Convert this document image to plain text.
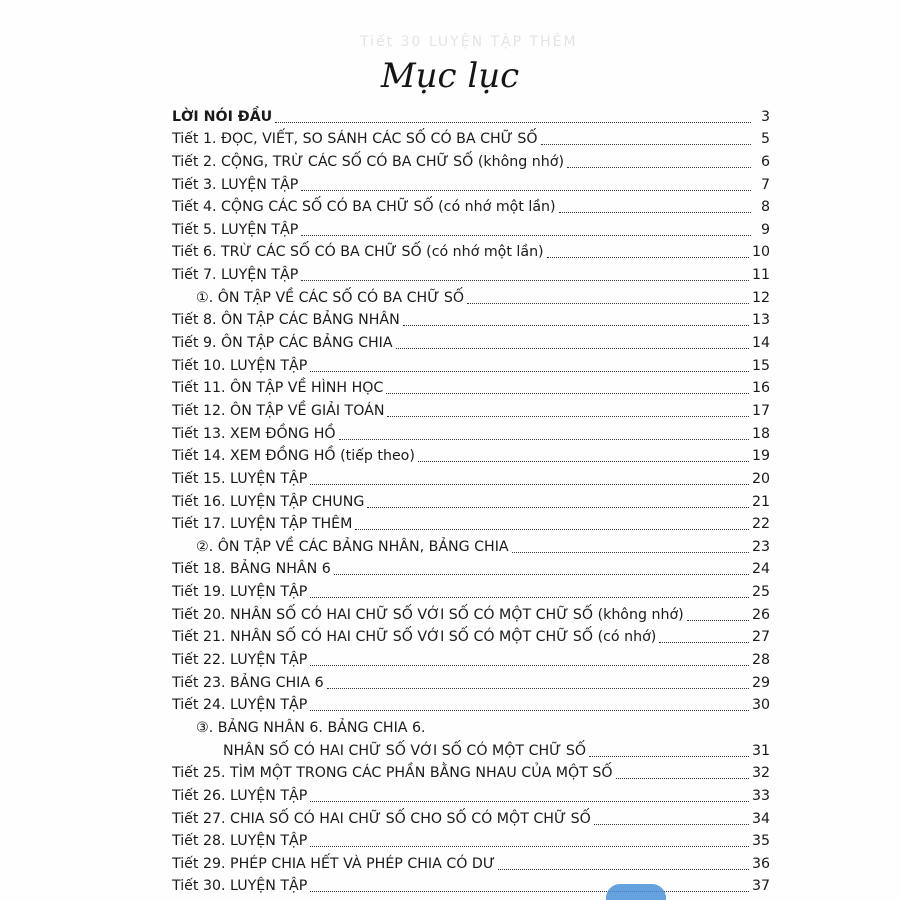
Tiết 30 LUYỆN TẬP THÊM
Mục lục
LỜI NÓI ĐẦU	3
Tiết 1. ĐỌC, VIẾT, SO SÁNH CÁC SỐ CÓ BA CHỮ SỐ	5
Tiết 2. CỘNG, TRỪ CÁC SỐ CÓ BA CHỮ SỐ (không nhớ)	6
Tiết 3. LUYỆN TẬP	7
Tiết 4. CỘNG CÁC SỐ CÓ BA CHỮ SỐ (có nhớ một lần)	8
Tiết 5. LUYỆN TẬP	9
Tiết 6. TRỪ CÁC SỐ CÓ BA CHỮ SỐ (có nhớ một lần)	10
Tiết 7. LUYỆN TẬP	11
①. ÔN TẬP VỀ CÁC SỐ CÓ BA CHỮ SỐ	12
Tiết 8. ÔN TẬP CÁC BẢNG NHÂN	13
Tiết 9. ÔN TẬP CÁC BẢNG CHIA	14
Tiết 10. LUYỆN TẬP	15
Tiết 11. ÔN TẬP VỀ HÌNH HỌC	16
Tiết 12. ÔN TẬP VỀ GIẢI TOÁN	17
Tiết 13. XEM ĐỒNG HỒ	18
Tiết 14. XEM ĐỒNG HỒ (tiếp theo)	19
Tiết 15. LUYỆN TẬP	20
Tiết 16. LUYỆN TẬP CHUNG	21
Tiết 17. LUYỆN TẬP THÊM	22
②. ÔN TẬP VỀ CÁC BẢNG NHÂN, BẢNG CHIA	23
Tiết 18. BẢNG NHÂN 6	24
Tiết 19. LUYỆN TẬP	25
Tiết 20. NHÂN SỐ CÓ HAI CHỮ SỐ VỚI SỐ CÓ MỘT CHỮ SỐ (không nhớ)	26
Tiết 21. NHÂN SỐ CÓ HAI CHỮ SỐ VỚI SỐ CÓ MỘT CHỮ SỐ (có nhớ)	27
Tiết 22. LUYỆN TẬP	28
Tiết 23. BẢNG CHIA 6	29
Tiết 24. LUYỆN TẬP	30
③. BẢNG NHÂN 6. BẢNG CHIA 6.
NHÂN SỐ CÓ HAI CHỮ SỐ VỚI SỐ CÓ MỘT CHỮ SỐ	31
Tiết 25. TÌM MỘT TRONG CÁC PHẦN BẰNG NHAU CỦA MỘT SỐ	32
Tiết 26. LUYỆN TẬP	33
Tiết 27. CHIA SỐ CÓ HAI CHỮ SỐ CHO SỐ CÓ MỘT CHỮ SỐ	34
Tiết 28. LUYỆN TẬP	35
Tiết 29. PHÉP CHIA HẾT VÀ PHÉP CHIA CÓ DƯ	36
Tiết 30. LUYỆN TẬP	37
